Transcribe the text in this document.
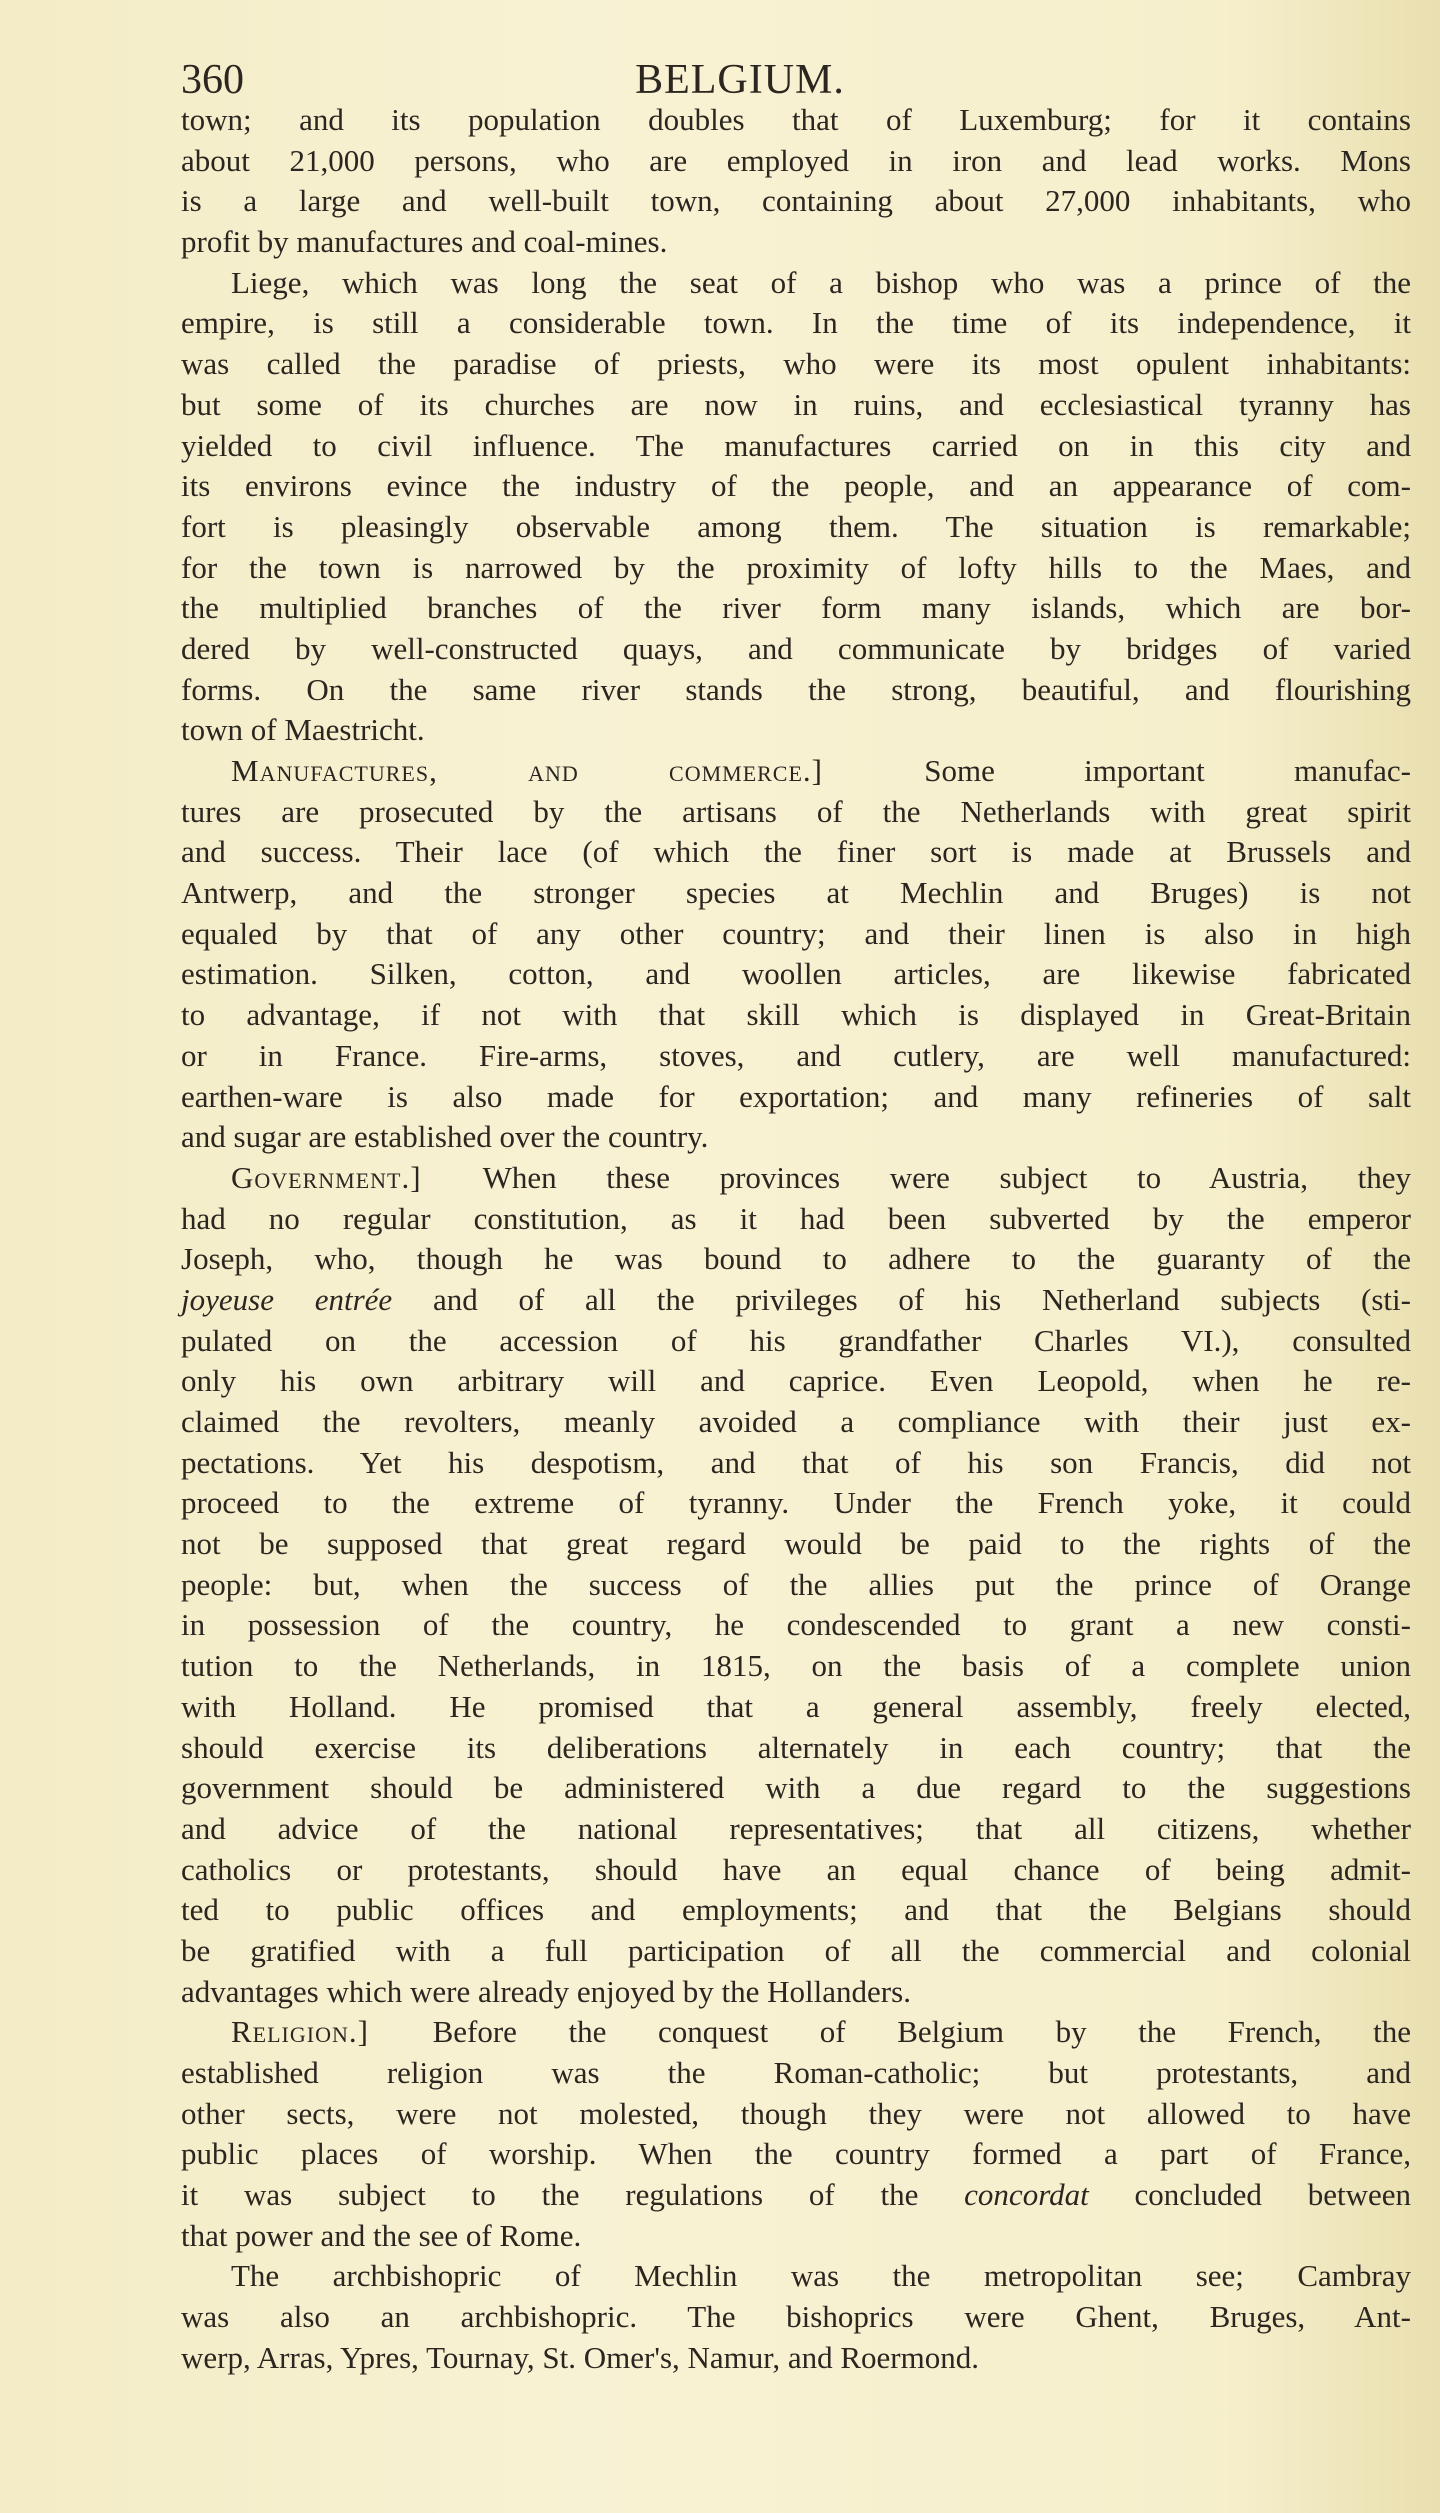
360	BELGIUM.
town; and its population doubles that of Luxemburg; for it contains
about 21,000 persons, who are employed in iron and lead works. Mons
is a large and well-built town, containing about 27,000 inhabitants, who
profit by manufactures and coal-mines.
Liege, which was long the seat of a bishop who was a prince of the
empire, is still a considerable town. In the time of its independence, it
was called the paradise of priests, who were its most opulent inhabitants:
but some of its churches are now in ruins, and ecclesiastical tyranny has
yielded to civil influence. The manufactures carried on in this city and
its environs evince the industry of the people, and an appearance of com-
fort is pleasingly observable among them. The situation is remarkable;
for the town is narrowed by the proximity of lofty hills to the Maes, and
the multiplied branches of the river form many islands, which are bor-
dered by well-constructed quays, and communicate by bridges of varied
forms. On the same river stands the strong, beautiful, and flourishing
town of Maestricht.
Manufactures, and commerce.]	Some important manufac-
tures are prosecuted by the artisans of the Netherlands with great spirit
and success. Their lace (of which the finer sort is made at Brussels and
Antwerp, and the stronger species at Mechlin and Bruges) is not
equaled by that of any other country; and their linen is also in high
estimation. Silken, cotton, and woollen articles, are likewise fabricated
to advantage, if not with that skill which is displayed in Great-Britain
or in France. Fire-arms, stoves, and cutlery, are well manufactured:
earthen-ware is also made for exportation; and many refineries of salt
and sugar are established over the country.
Government.] When these provinces were subject to Austria, they
had no regular constitution, as it had been subverted by the emperor
Joseph, who, though he was bound to adhere to the guaranty of the
joyeuse entrée and of all the privileges of his Netherland subjects (sti-
pulated on the accession of his grandfather Charles VI.), consulted
only his own arbitrary will and caprice. Even Leopold, when he re-
claimed the revolters, meanly avoided a compliance with their just ex-
pectations. Yet his despotism, and that of his son Francis, did not
proceed to the extreme of tyranny. Under the French yoke, it could
not be supposed that great regard would be paid to the rights of the
people: but, when the success of the allies put the prince of Orange
in possession of the country, he condescended to grant a new consti-
tution to the Netherlands, in 1815, on the basis of a complete union
with Holland. He promised that a general assembly, freely elected,
should exercise its deliberations alternately in each country; that the
government should be administered with a due regard to the suggestions
and advice of the national representatives; that all citizens, whether
catholics or protestants, should have an equal chance of being admit-
ted to public offices and employments; and that the Belgians should
be gratified with a full participation of all the commercial and colonial
advantages which were already enjoyed by the Hollanders.
Religion.] Before the conquest of Belgium by the French, the
established religion was the Roman-catholic; but protestants, and
other sects, were not molested, though they were not allowed to have
public places of worship. When the country formed a part of France,
it was subject to the regulations of the concordat concluded between
that power and the see of Rome.
The archbishopric of Mechlin was the metropolitan see; Cambray
was also an archbishopric. The bishoprics were Ghent, Bruges, Ant-
werp, Arras, Ypres, Tournay, St. Omer's, Namur, and Roermond.
